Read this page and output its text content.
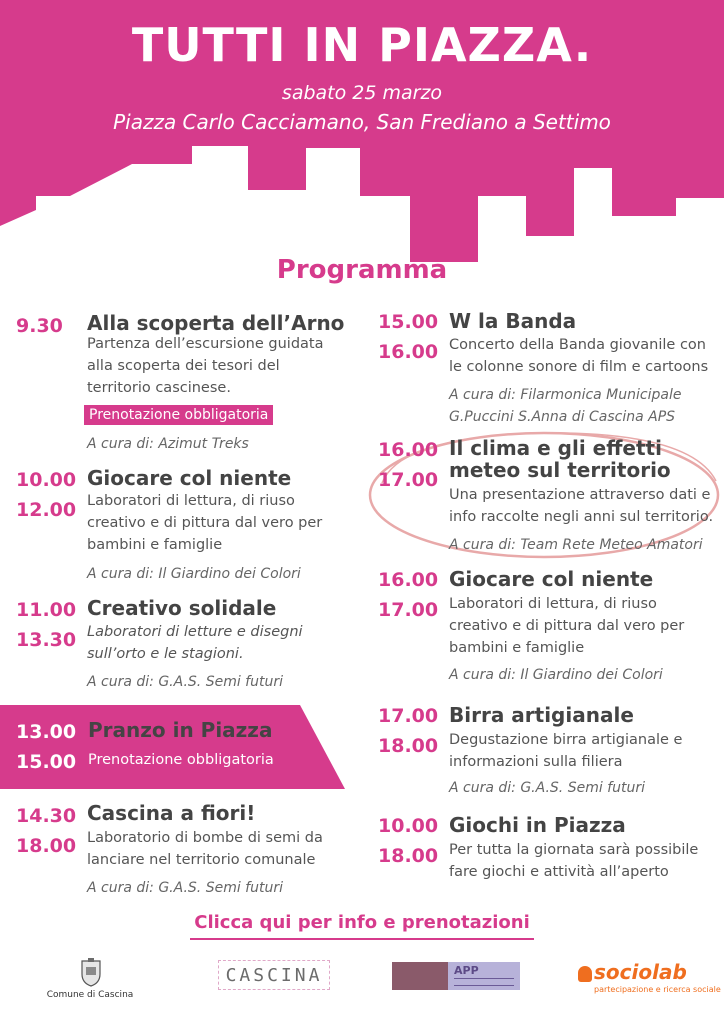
TUTTI IN PIAZZA.
sabato 25 marzo
Piazza Carlo Cacciamano, San Frediano a Settimo
Programma
9.30 Alla scoperta dell’Arno
Partenza dell’escursione guidata
alla scoperta dei tesori del
territorio cascinese.
Prenotazione obbligatoria
A cura di: Azimut Treks
10.00
12.00
Giocare col niente
Laboratori di lettura, di riuso
creativo e di pittura dal vero per
bambini e famiglie
A cura di: Il Giardino dei Colori
11.00
13.30
Creativo solidale
Laboratori di letture e disegni
sull’orto e le stagioni.
A cura di: G.A.S. Semi futuri
13.00
15.00
Pranzo in Piazza
Prenotazione obbligatoria
14.30
18.00
Cascina a fiori!
Laboratorio di bombe di semi da
lanciare nel territorio comunale
A cura di: G.A.S. Semi futuri
15.00
16.00
W la Banda
Concerto della Banda giovanile con
le colonne sonore di film e cartoons
A cura di: Filarmonica Municipale
G.Puccini S.Anna di Cascina APS
16.00
17.00
Il clima e gli effetti
meteo sul territorio
Una presentazione attraverso dati e
info raccolte negli anni sul territorio.
A cura di: Team Rete Meteo Amatori
16.00
17.00
Giocare col niente
Laboratori di lettura, di riuso
creativo e di pittura dal vero per
bambini e famiglie
A cura di: Il Giardino dei Colori
17.00
18.00
Birra artigianale
Degustazione birra artigianale e
informazioni sulla filiera
A cura di: G.A.S. Semi futuri
10.00
18.00
Giochi in Piazza
Per tutta la giornata sarà possibile
fare giochi e attività all’aperto
Clicca qui per info e prenotazioni
Comune di Cascina
CASCINA	APP	sociolab
partecipazione e ricerca sociale
